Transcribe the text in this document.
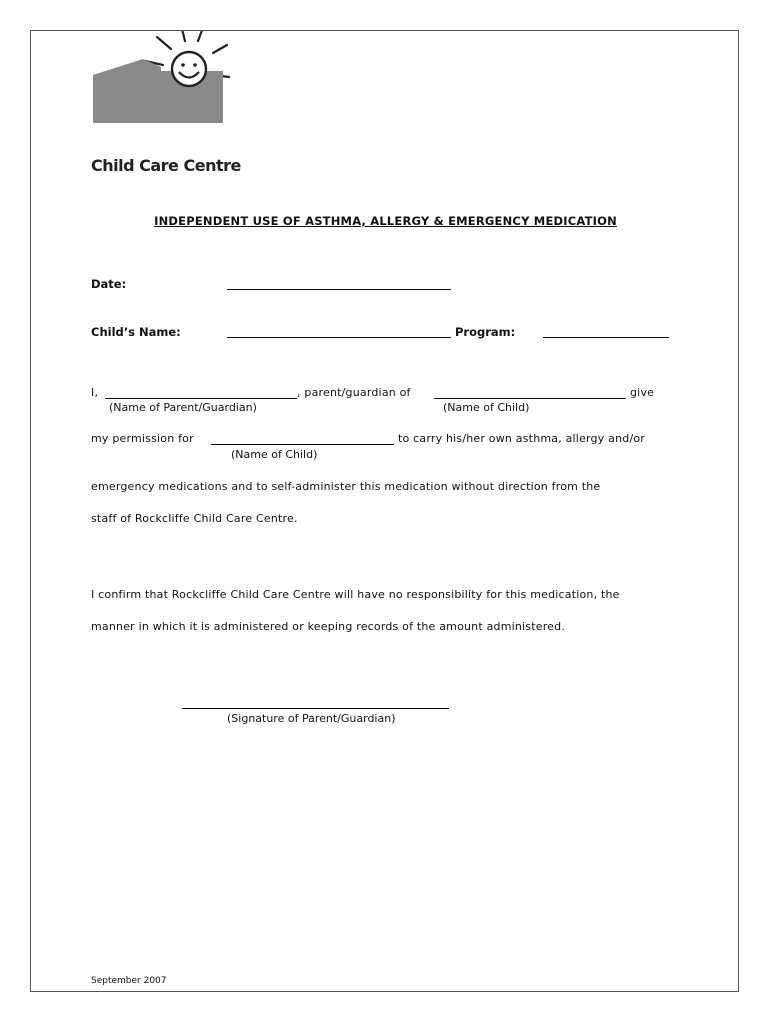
ROCKCLIFFE
Child Care Centre
INDEPENDENT USE OF ASTHMA, ALLERGY & EMERGENCY MEDICATION
Date:
Child’s Name:	Program:
I,	, parent/guardian of	give
(Name of Parent/Guardian)	(Name of Child)
my permission for	to carry his/her own asthma, allergy and/or
(Name of Child)
emergency medications and to self-administer this medication without direction from the
staff of Rockcliffe Child Care Centre.
I confirm that Rockcliffe Child Care Centre will have no responsibility for this medication, the
manner in which it is administered or keeping records of the amount administered.
(Signature of Parent/Guardian)
September 2007
